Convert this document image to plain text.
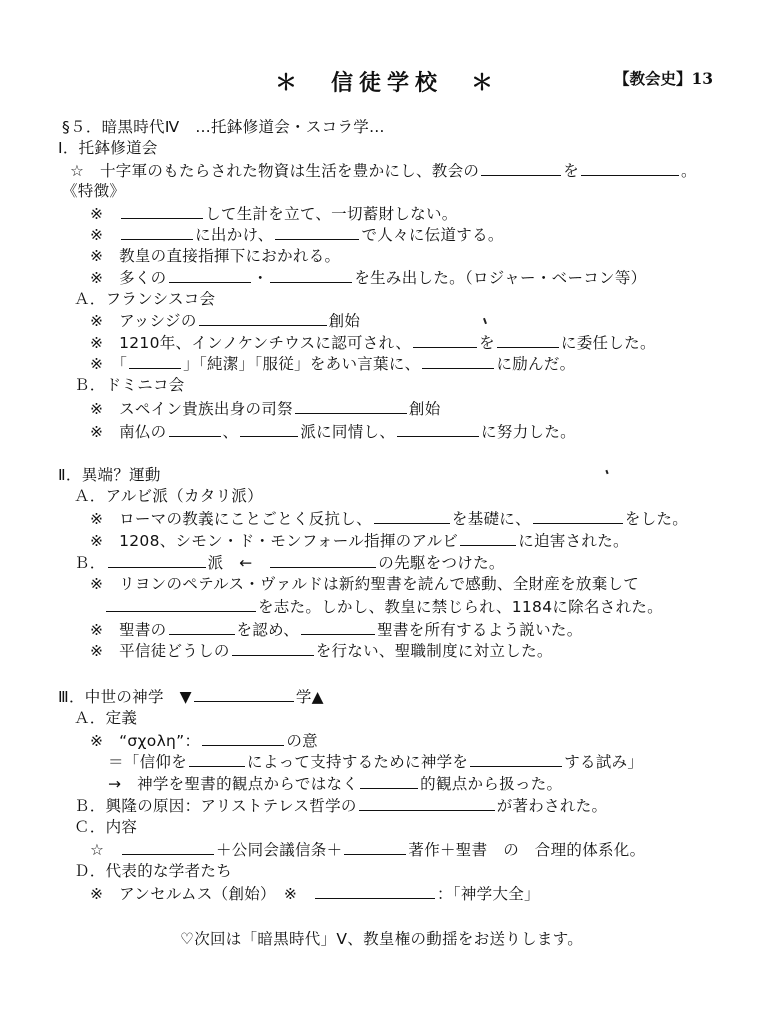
＊　信徒学校　＊	【教会史】13
§５．暗黒時代Ⅳ　…托鉢修道会・スコラ学…
Ⅰ．托鉢修道会
☆　十字軍のもたらされた物資は生活を豊かにし、教会の	を	。
《特徴》
※　	して生計を立て、一切蓄財しない。
※　	に出かけ、	で人々に伝道する。
※　教皇の直接指揮下におかれる。
※　多くの	・	を生み出した。（ロジャー・ベーコン等）
Ａ．フランシスコ会
※　アッシジの	創始
※　1210年、インノケンチウスに認可され、	を	に委任した。
※　「	」「純潔」「服従」をあい言葉に、	に励んだ。
Ｂ．ドミニコ会
※　スペイン貴族出身の司祭	創始
※　南仏の	、	派に同情し、	に努力した。
Ⅱ．異端？運動
Ａ．アルビ派（カタリ派）
※　ローマの教義にことごとく反抗し、	を基礎に、	をした。
※　1208、シモン・ド・モンフォール指揮のアルビ	に迫害された。
Ｂ．	派　←　	の先駆をつけた。
※　リヨンのペテルス・ヴァルドは新約聖書を読んで感動、全財産を放棄して
を志た。しかし、教皇に禁じられ、1184に除名された。
※　聖書の	を認め、	聖書を所有するよう説いた。
※　平信徒どうしの	を行ない、聖職制度に対立した。
Ⅲ．中世の神学　▼	学▲
Ａ．定義
※　“σχολη”：	の意
＝「信仰を	によって支持するために神学を	する試み」
→　神学を聖書的観点からではなく	的観点から扱った。
Ｂ．興隆の原因：アリストテレス哲学の	が著わされた。
Ｃ．内容
☆　	＋公同会議信条＋	著作＋聖書　の　合理的体系化。
Ｄ．代表的な学者たち
※　アンセルムス（創始）　※　	：「神学大全」
♡次回は「暗黒時代」Ⅴ、教皇権の動揺をお送りします。
